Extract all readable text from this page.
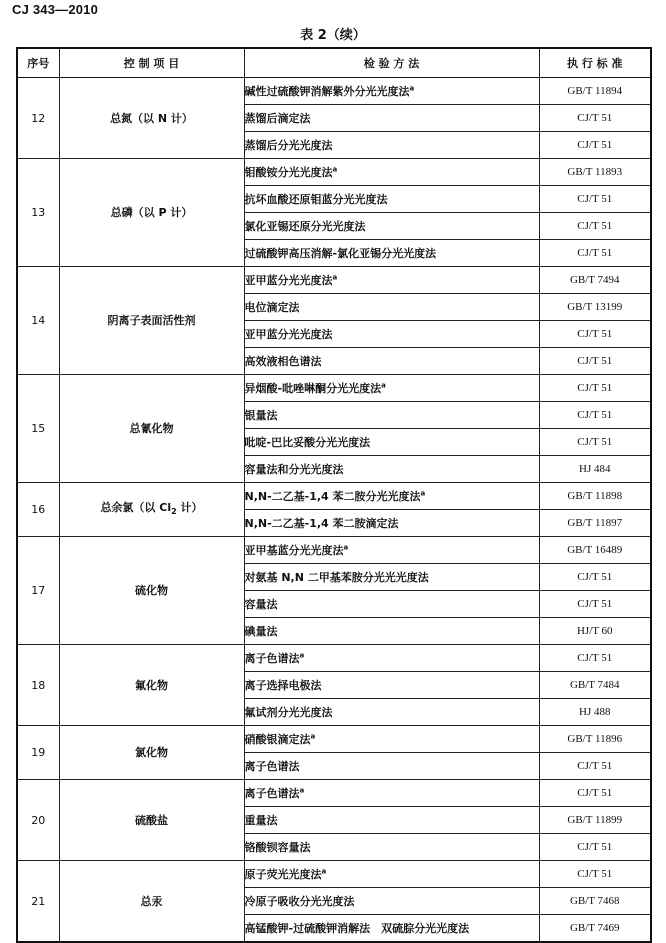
CJ 343—2010
表 2（续）
序号	控 制 项 目	检 验 方 法	执 行 标 准
12	总氮（以 N 计）	碱性过硫酸钾消解紫外分光光度法$^a$	GB/T 11894
		蒸馏后滴定法	CJ/T 51
		蒸馏后分光光度法	CJ/T 51
13	总磷（以 P 计）	钼酸铵分光光度法$^a$	GB/T 11893
		抗坏血酸还原钼蓝分光光度法	CJ/T 51
		氯化亚锡还原分光光度法	CJ/T 51
		过硫酸钾高压消解-氯化亚锡分光光度法	CJ/T 51
14	阴离子表面活性剂	亚甲蓝分光光度法$^a$	GB/T 7494
		电位滴定法	GB/T 13199
		亚甲蓝分光光度法	CJ/T 51
		高效液相色谱法	CJ/T 51
15	总氰化物	异烟酸-吡唑啉酮分光光度法$^a$	CJ/T 51
		银量法	CJ/T 51
		吡啶-巴比妥酸分光光度法	CJ/T 51
		容量法和分光光度法	HJ 484
16	总余氯（以 $Cl_2$ 计）	N,N-二乙基-1,4 苯二胺分光光度法$^a$	GB/T 11898
		N,N-二乙基-1,4 苯二胺滴定法	GB/T 11897
17	硫化物	亚甲基蓝分光光度法$^a$	GB/T 16489
		对氨基 N,N 二甲基苯胺分光光光度法	CJ/T 51
		容量法	CJ/T 51
		碘量法	HJ/T 60
18	氟化物	离子色谱法$^a$	CJ/T 51
		离子选择电极法	GB/T 7484
		氟试剂分光光度法	HJ 488
19	氯化物	硝酸银滴定法$^a$	GB/T 11896
		离子色谱法	CJ/T 51
20	硫酸盐	离子色谱法$^a$	CJ/T 51
		重量法	GB/T 11899
		铬酸钡容量法	CJ/T 51
21	总汞	原子荧光光度法$^a$	CJ/T 51
		冷原子吸收分光光度法	GB/T 7468
		高锰酸钾-过硫酸钾消解法　双硫腙分光光度法	GB/T 7469
